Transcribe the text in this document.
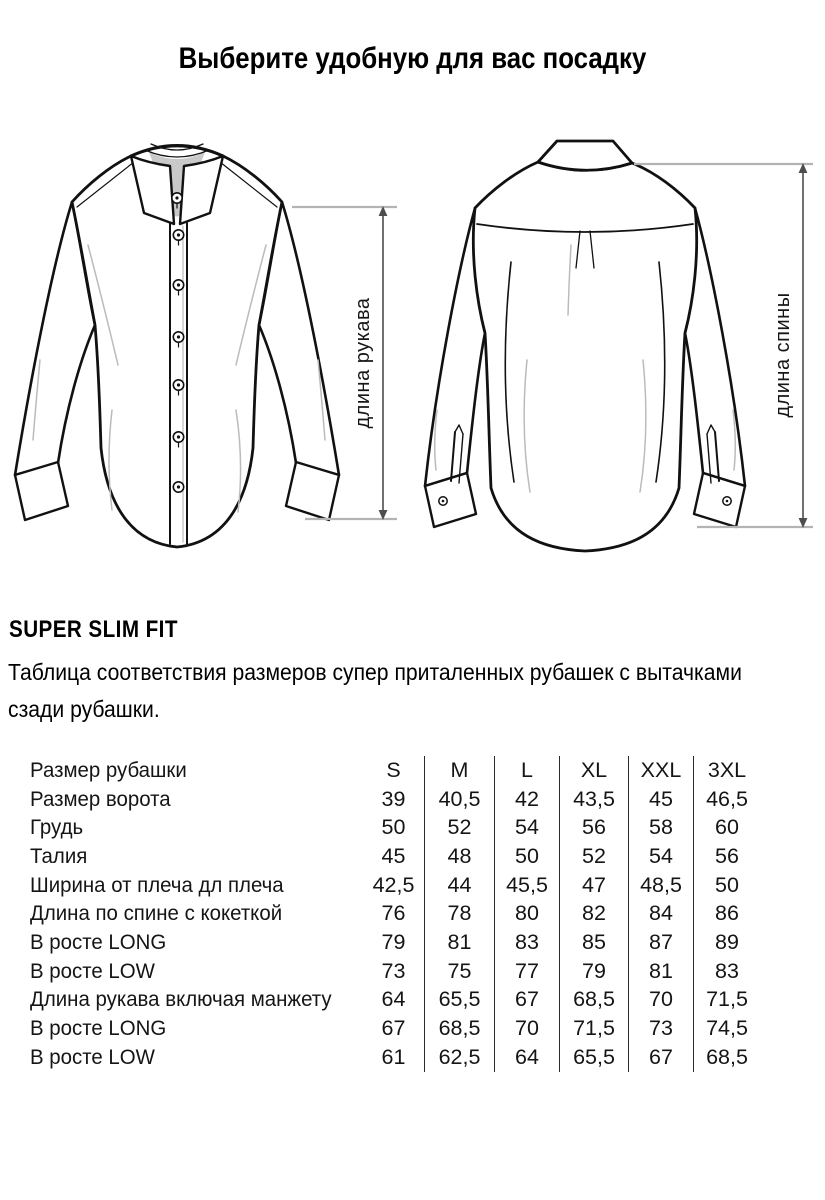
Выберите удобную для вас посадку
длина рукава	длина спины
SUPER SLIM FIT
Таблица соответствия размеров супер приталенных рубашек с вытачками
сзади рубашки.
Размер рубашки	S	M	L	XL	XXL	3XL
Размер ворота	39	40,5	42	43,5	45	46,5
Грудь	50	52	54	56	58	60
Талия	45	48	50	52	54	56
Ширина от плеча дл плеча	42,5	44	45,5	47	48,5	50
Длина по спине с кокеткой	76	78	80	82	84	86
В росте LONG	79	81	83	85	87	89
В росте LOW	73	75	77	79	81	83
Длина рукава включая манжету	64	65,5	67	68,5	70	71,5
В росте LONG	67	68,5	70	71,5	73	74,5
В росте LOW	61	62,5	64	65,5	67	68,5
